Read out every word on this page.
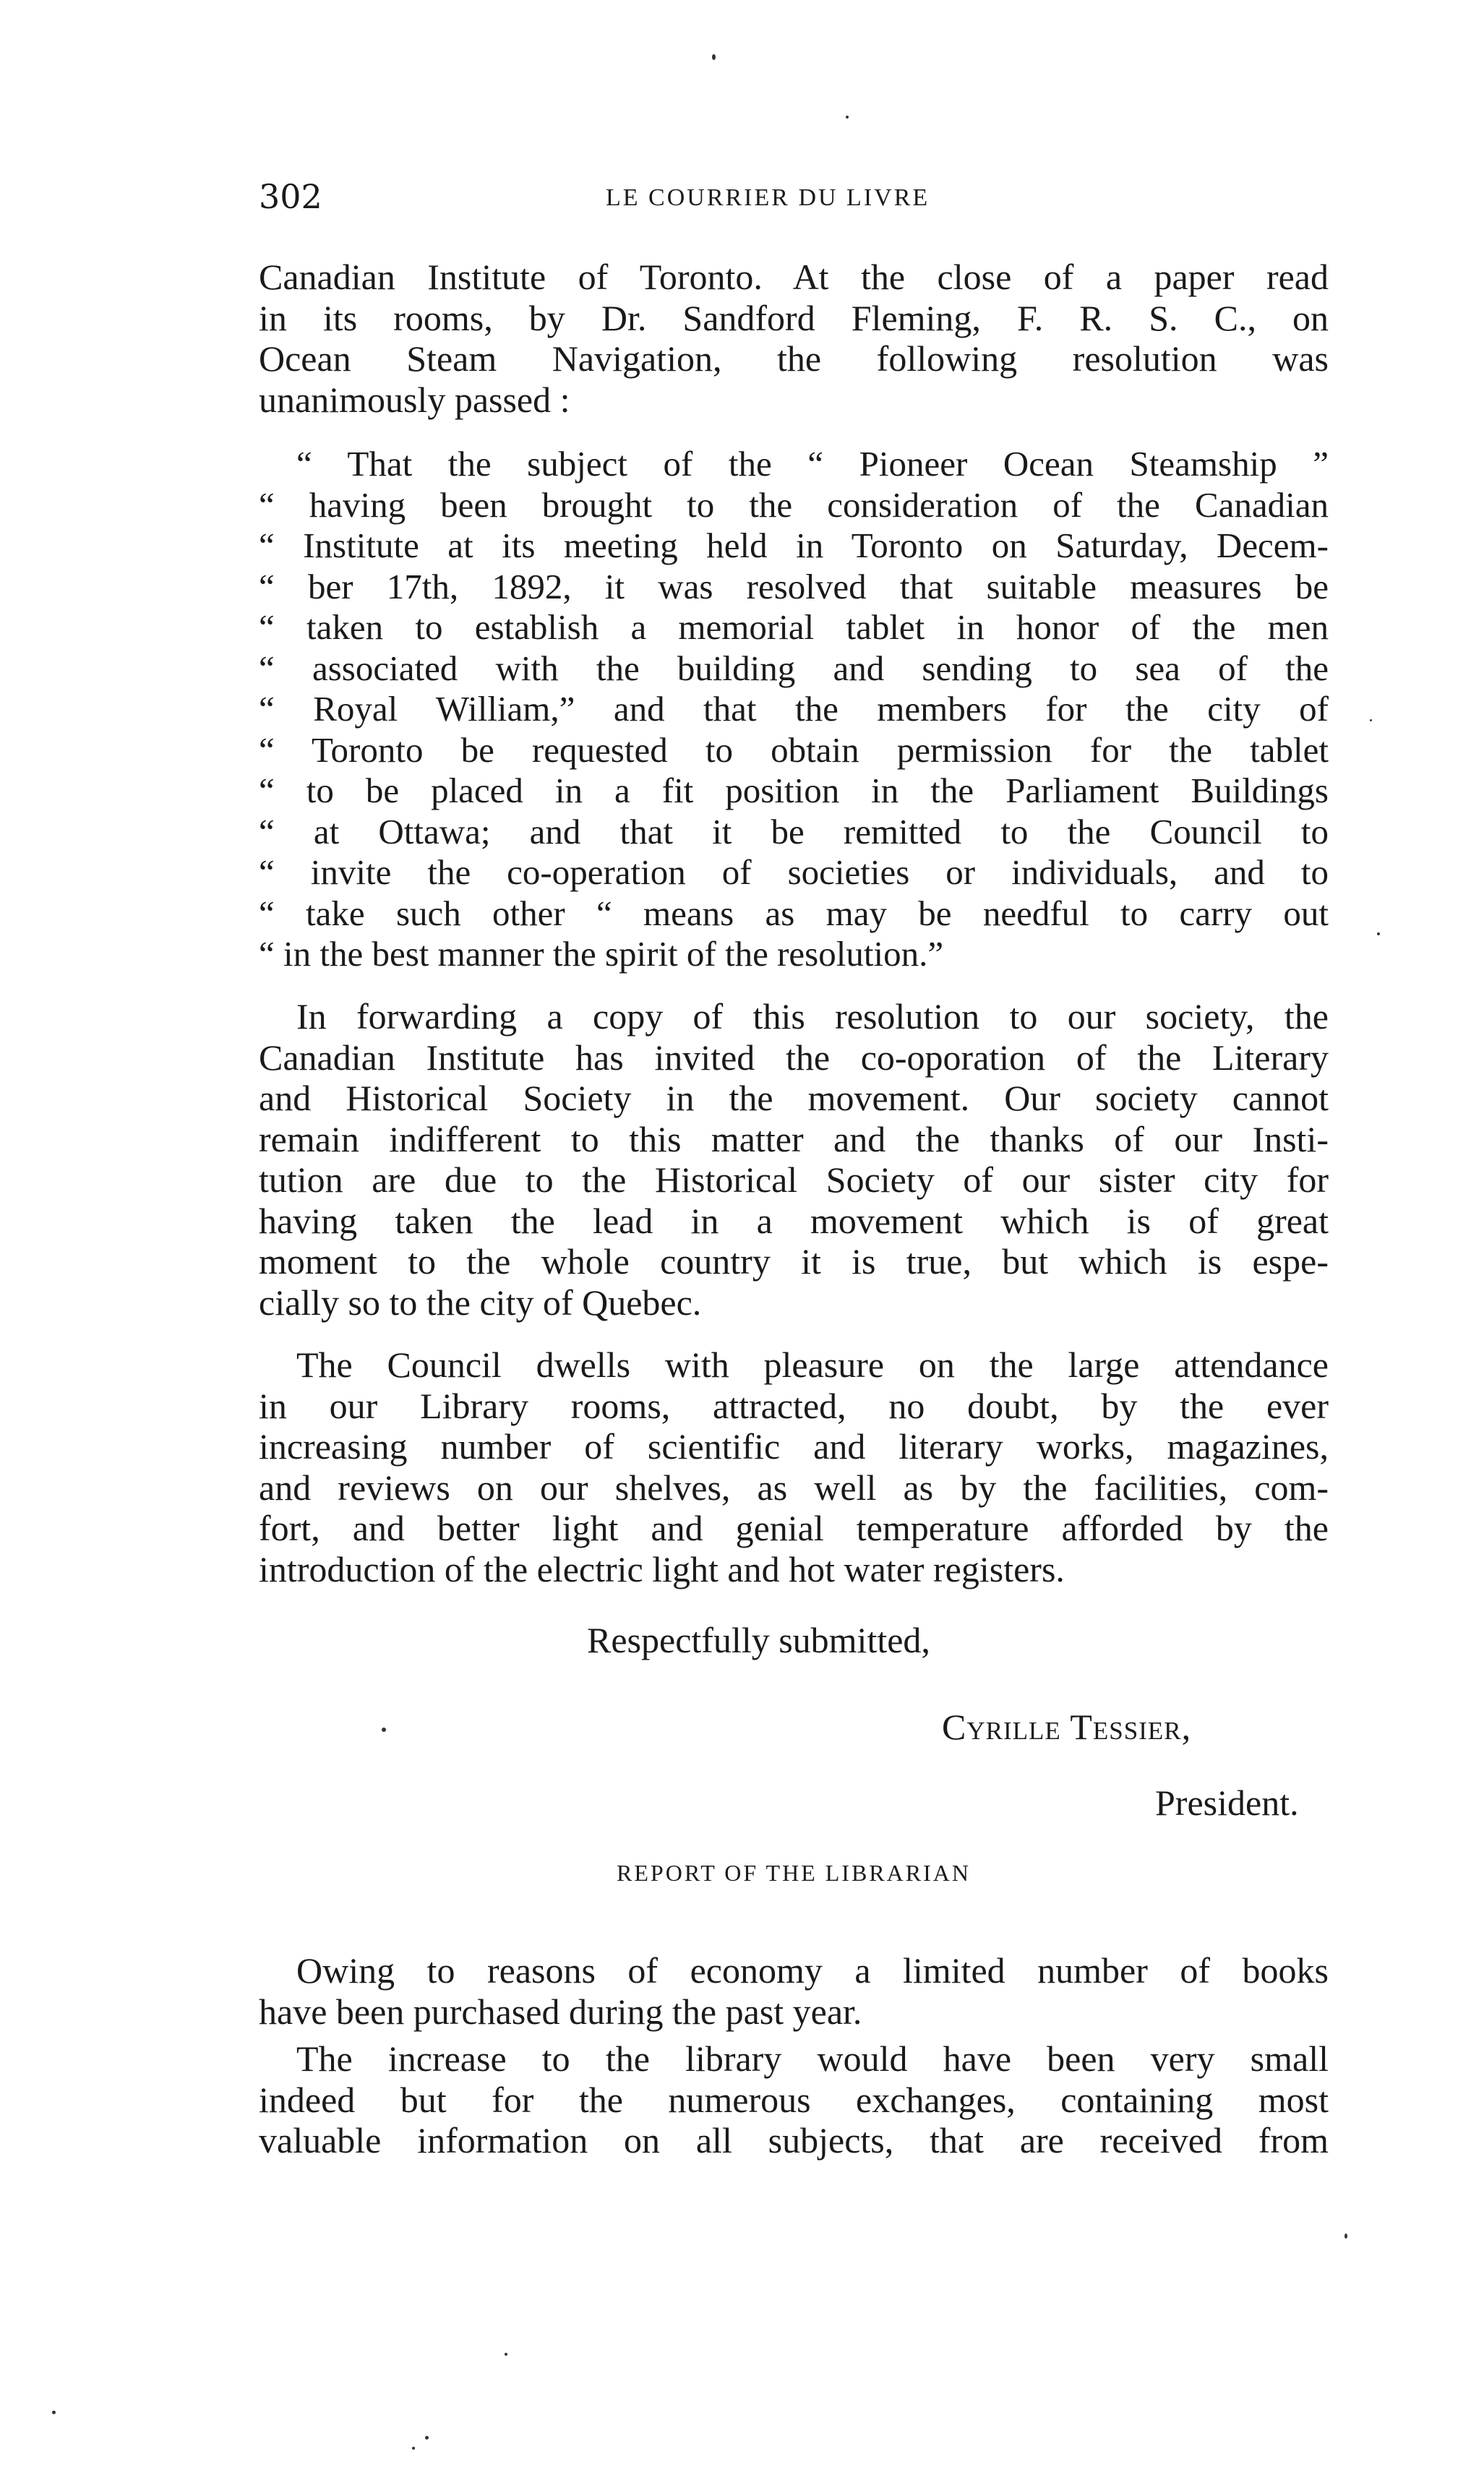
302	LE COURRIER DU LIVRE
Canadian Institute of Toronto. At the close of a paper read
in its rooms, by Dr. Sandford Fleming, F. R. S. C., on
Ocean Steam Navigation, the following resolution was
unanimously passed :
“ That the subject of the “ Pioneer Ocean Steamship ”
“ having been brought to the consideration of the Canadian
“ Institute at its meeting held in Toronto on Saturday, Decem-
“ ber 17th, 1892, it was resolved that suitable measures be
“ taken to establish a memorial tablet in honor of the men
“ associated with the building and sending to sea of the
“ Royal William,” and that the members for the city of
“ Toronto be requested to obtain permission for the tablet
“ to be placed in a fit position in the Parliament Buildings
“ at Ottawa; and that it be remitted to the Council to
“ invite the co-operation of societies or individuals, and to
“ take such other “ means as may be needful to carry out
“ in the best manner the spirit of the resolution.”
In forwarding a copy of this resolution to our society, the
Canadian Institute has invited the co-oporation of the Literary
and Historical Society in the movement. Our society cannot
remain indifferent to this matter and the thanks of our Insti-
tution are due to the Historical Society of our sister city for
having taken the lead in a movement which is of great
moment to the whole country it is true, but which is espe-
cially so to the city of Quebec.
The Council dwells with pleasure on the large attendance
in our Library rooms, attracted, no doubt, by the ever
increasing number of scientific and literary works, magazines,
and reviews on our shelves, as well as by the facilities, com-
fort, and better light and genial temperature afforded by the
introduction of the electric light and hot water registers.
Respectfully submitted,
Cyrille Tessier,
President.
REPORT OF THE LIBRARIAN
Owing to reasons of economy a limited number of books
have been purchased during the past year.
The increase to the library would have been very small
indeed but for the numerous exchanges, containing most
valuable information on all subjects, that are received from
